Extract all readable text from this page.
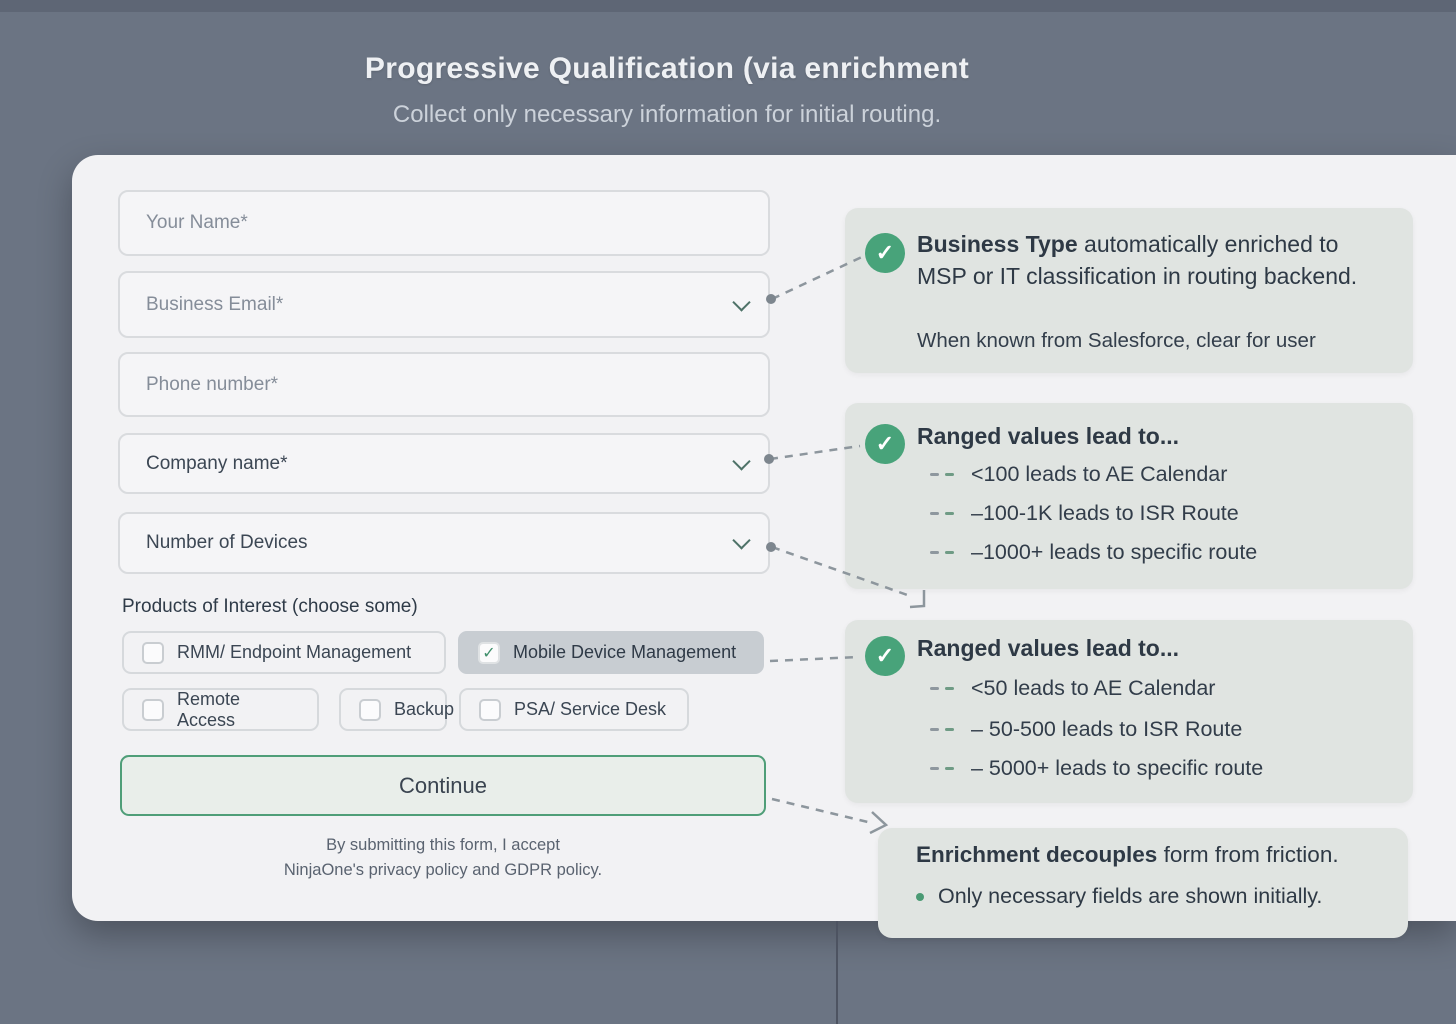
Progressive Qualification (via enrichment
Collect only necessary information for initial routing.
Your Name*
Business Email*
Phone number*
Company name*
Number of Devices
Products of Interest (choose some)
RMM/ Endpoint Management	✓ Mobile Device Management
Remote Access
Backup	PSA/ Service Desk
Continue
By submitting this form, I accept
NinjaOne's privacy policy and GDPR policy.
✓ Business Type automatically enriched to MSP or IT classification in routing backend.
When known from Salesforce, clear for user
✓ Ranged values lead to...
<100 leads to AE Calendar
–100-1K leads to ISR Route
–1000+ leads to specific route
✓ Ranged values lead to...
<50 leads to AE Calendar
– 50-500 leads to ISR Route
– 5000+ leads to specific route
Enrichment decouples form from friction.
Only necessary fields are shown initially.
